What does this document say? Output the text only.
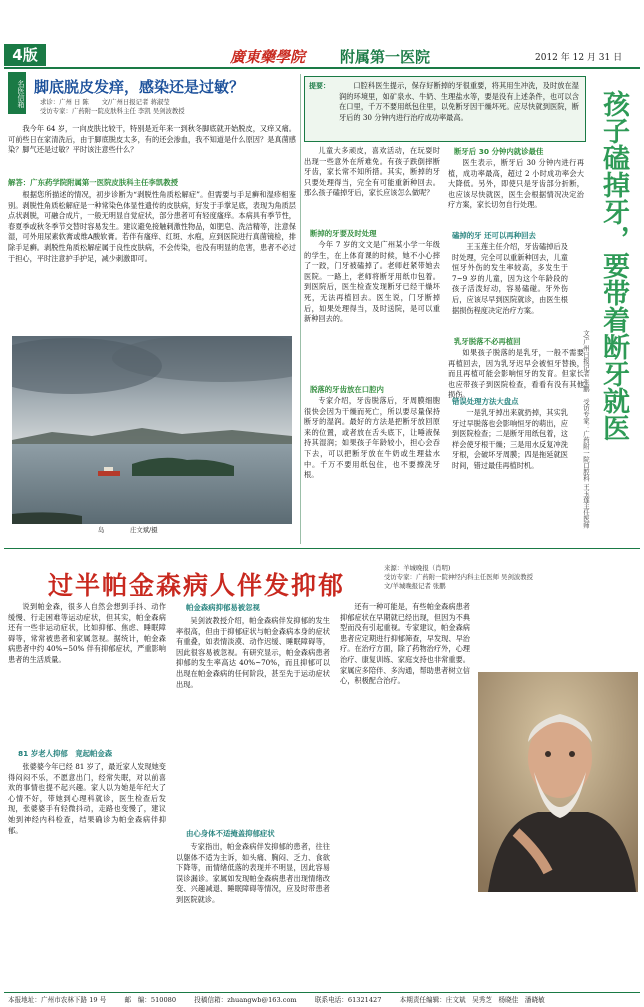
4版	廣東藥學院 附属第一医院	2012 年 12 月 31 日
名医信箱 脚底脱皮发痒，感染还是过敏？
求诊：广州 日 陈　　文/广州日报记者 蒋淑莹
受访专家：广药附一院皮肤科主任 李凯 吴剑波教授

我今年 64 岁，一向皮肤比较干，特别是近年来一到秋冬脚底就开始脱皮，又痒又痛。可前些日在家清洗后，由于脚底脱皮太多，有的还会渗血，我不知道是什么原因？是真菌感染？脚气还是过敏？平时该注意些什么？

解答：广东药学院附属第一医院皮肤科主任李凯教授

根据您所描述的情况，初步诊断为“剥脱性角质松解症”。但需要与手足癣和湿疹相鉴别。剥脱性角质松解症是一种常染色体显性遗传的皮肤病，好发于手掌足底，表现为角质层点状剥脱，可融合成片，一般无明显自觉症状，部分患者可有轻度瘙痒。本病具有季节性，春夏季或秋冬季节交替时容易发生。建议避免接触刺激性物品，如肥皂、洗洁精等，注意保湿，可外用尿素软膏或维A酸软膏。若伴有瘙痒、红斑、水疱，应到医院进行真菌镜检，排除手足癣。剥脱性角质松解症属于良性皮肤病，不会传染，也没有明显的危害，患者不必过于担心，平时注意护手护足，减少刺激即可。

岛　　　　庄文斌/摄
提要：	口腔科医生提示，保存好断掉的牙很重要，将其用生冲洗，及时放在湿润的环境里，如矿泉水、牛奶、生理盐水等，要是没有上述条件，也可以含在口里，千万不要用纸包住里，以免断牙因干燥坏死。应尽快就到医院，断牙后的 30 分钟内进行治疗成功率最高。

儿童大多顽皮，喜欢活动，在玩耍时出现一些意外在所难免。有孩子跌倒摔断牙齿，家长常不知所措。其实，断掉的牙只要处理得当，完全有可能重新种回去。那么孩子磕掉牙后，家长应该怎么做呢？

断掉的牙要及时处理

今年 7 岁的文文是广州某小学一年级的学生，在上体育课的时候，她不小心摔了一跤，门牙被磕掉了。老师赶紧带她去医院。一路上，老师将断牙用纸巾包着。到医院后，医生检查发现断牙已经干燥坏死，无法再植回去。医生说，门牙断掉后，如果处理得当，及时送院，是可以重新种回去的。

脱落的牙齿放在口腔内

专家介绍，牙齿脱落后，牙周膜细胞很快会因为干燥而死亡，所以要尽量保持断牙的湿润。最好的方法是把断牙放回原来的位置，或者放在舌头底下，让唾液保持其湿润；如果孩子年龄较小，担心会吞下去，可以把断牙放在牛奶或生理盐水中。千万不要用纸包住，也不要擦洗牙根。

断牙后 30 分钟内就诊最佳

医生表示，断牙后 30 分钟内进行再植，成功率最高，超过 2 小时成功率会大大降低。另外，即使只是牙齿部分折断，也应该尽快就医，医生会根据情况决定治疗方案，家长切勿自行处理。

乳牙脱落不必再植回

如果孩子脱落的是乳牙，一般不需要再植回去，因为乳牙迟早会被恒牙替换，而且再植可能会影响恒牙的发育。但家长也应带孩子到医院检查，看看有没有其他损伤。

磕掉的牙 还可以再种回去

王玉莲主任介绍，牙齿磕掉后及时处理，完全可以重新种回去，儿童恒牙外伤的发生率较高，多发生于 7~9 岁的儿童，因为这个年龄段的孩子活泼好动，容易磕碰。牙外伤后，应该尽早到医院就诊，由医生根据损伤程度决定治疗方案。

错误处理方法大盘点

一是乳牙掉出来就扔掉，其实乳牙过早脱落也会影响恒牙的萌出，应到医院检查；二是断牙用纸包着，这样会使牙根干燥；三是用水反复冲洗牙根，会破坏牙周膜；四是拖延就医时间，错过最佳再植时机。

孩子磕掉牙，要带着断牙就医
文/广州日报记者 张鹏　受访专家：广药附一院口腔科 王玉莲主任医师
过半帕金森病人伴发抑郁
来源：羊城晚报（肖明)
受访专家：广药附一院神经内科主任医师 吴剑波教授
文/羊城晚报记者 张鹏

说到帕金森，很多人自然会想到手抖、动作缓慢、行走困难等运动症状，但其实，帕金森病还有一些非运动症状，比如抑郁、焦虑、睡眠障碍等，常常被患者和家属忽视。据统计，帕金森病患者中约 40%~50% 伴有抑郁症状，严重影响患者的生活质量。

81 岁老人抑郁　竟起帕金森

张婆婆今年已经 81 岁了，最近家人发现她变得闷闷不乐，不愿意出门，经常失眠，对以前喜欢的事情也提不起兴趣。家人以为她是年纪大了心情不好，带她到心理科就诊，医生检查后发现，张婆婆手有轻微抖动，走路也变慢了，建议她到神经内科检查，结果确诊为帕金森病伴抑郁。

帕金森病抑郁易被忽视

吴剑波教授介绍，帕金森病伴发抑郁的发生率很高，但由于抑郁症状与帕金森病本身的症状有重叠，如表情淡漠、动作迟缓、睡眠障碍等，因此很容易被忽视。有研究显示，帕金森病患者抑郁的发生率高达 40%~70%，而且抑郁可以出现在帕金森病的任何阶段，甚至先于运动症状出现。

由心身体不适掩盖抑郁症状

专家指出，帕金森病伴发抑郁的患者，往往以躯体不适为主诉，如头痛、胸闷、乏力、食欲下降等，而情绪低落的表现并不明显，因此容易误诊漏诊。家属如发现帕金森病患者出现情绪改变、兴趣减退、睡眠障碍等情况，应及时带患者到医院就诊。

还有一种可能是，有些帕金森病患者抑郁症状在早期就已经出现，但因为不典型而没有引起重视。专家建议，帕金森病患者应定期进行抑郁筛查，早发现、早治疗。在治疗方面，除了药物治疗外，心理治疗、康复训练、家庭支持也非常重要。家属应多陪伴、多沟通，帮助患者树立信心，积极配合治疗。

本报地址：广州市农林下路 19 号	邮　编：510080	投稿信箱：zhuangwb@163.com	联系电话：61321427	本期责任编辑：庄文斌　吴秀芝　杨晓佳　潘晓敏
